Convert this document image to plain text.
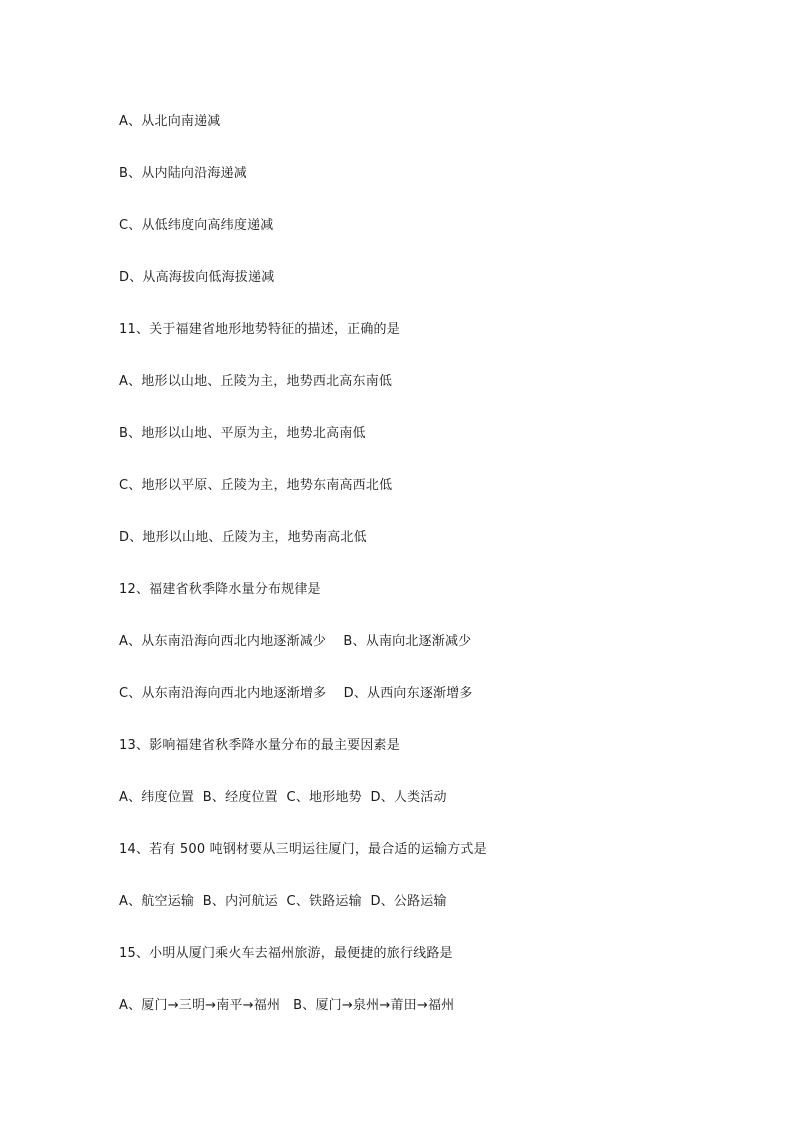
A、从北向南递减
B、从内陆向沿海递减
C、从低纬度向高纬度递减
D、从高海拔向低海拔递减
11、关于福建省地形地势特征的描述，正确的是
A、地形以山地、丘陵为主，地势西北高东南低
B、地形以山地、平原为主，地势北高南低
C、地形以平原、丘陵为主，地势东南高西北低
D、地形以山地、丘陵为主，地势南高北低
12、福建省秋季降水量分布规律是
A、从东南沿海向西北内地逐渐减少    B、从南向北逐渐减少
C、从东南沿海向西北内地逐渐增多    D、从西向东逐渐增多
13、影响福建省秋季降水量分布的最主要因素是
A、纬度位置  B、经度位置  C、地形地势  D、人类活动
14、若有 500 吨钢材要从三明运往厦门，最合适的运输方式是
A、航空运输  B、内河航运  C、铁路运输  D、公路运输
15、小明从厦门乘火车去福州旅游，最便捷的旅行线路是
A、厦门→三明→南平→福州   B、厦门→泉州→莆田→福州
